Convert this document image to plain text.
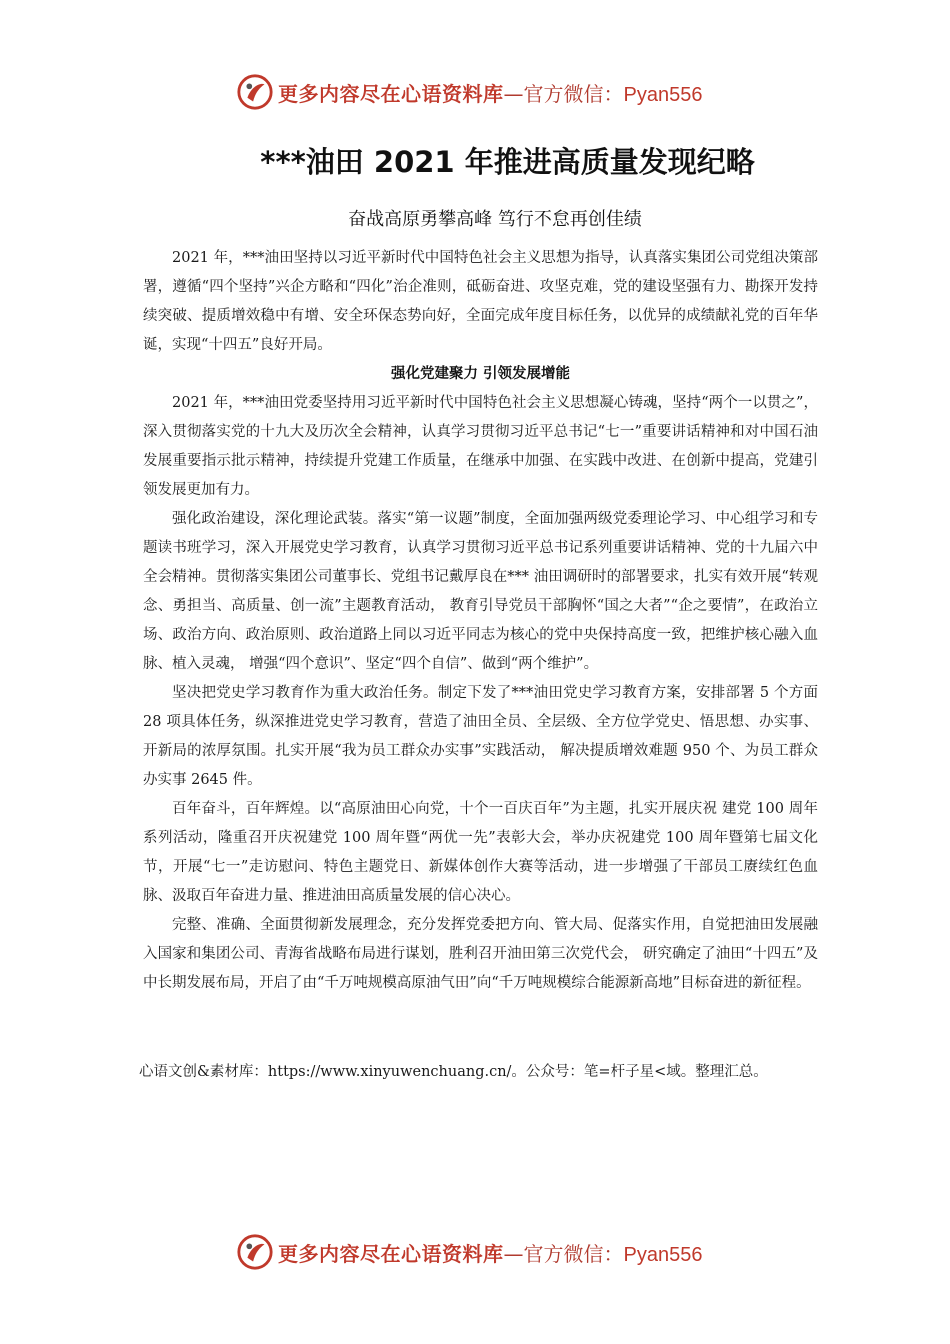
更多内容尽在心语资料库 —官方微信：Pyan556
***油田 2021 年推进高质量发现纪略
奋战高原勇攀高峰 笃行不怠再创佳绩

2021 年，***油田坚持以习近平新时代中国特色社会主义思想为指导，认真落实集团公司党组决策部署，遵循“四个坚持”兴企方略和“四化”治企准则，砥砺奋进、攻坚克难，党的建设坚强有力、勘探开发持续突破、提质增效稳中有增、安全环保态势向好，全面完成年度目标任务，以优异的成绩献礼党的百年华诞，实现“十四五”良好开局。

强化党建聚力 引领发展增能

2021 年，***油田党委坚持用习近平新时代中国特色社会主义思想凝心铸魂，坚持“两个一以贯之”，深入贯彻落实党的十九大及历次全会精神，认真学习贯彻习近平总书记“七一”重要讲话精神和对中国石油发展重要指示批示精神，持续提升党建工作质量，在继承中加强、在实践中改进、在创新中提高，党建引领发展更加有力。

强化政治建设，深化理论武装。落实“第一议题”制度，全面加强两级党委理论学习、中心组学习和专题读书班学习，深入开展党史学习教育，认真学习贯彻习近平总书记系列重要讲话精神、党的十九届六中全会精神。贯彻落实集团公司董事长、党组书记戴厚良在*** 油田调研时的部署要求，扎实有效开展“转观念、勇担当、高质量、创一流”主题教育活动， 教育引导党员干部胸怀“国之大者”“企之要情”，在政治立场、政治方向、政治原则、政治道路上同以习近平同志为核心的党中央保持高度一致，把维护核心融入血脉、植入灵魂， 增强“四个意识”、坚定“四个自信”、做到“两个维护”。

坚决把党史学习教育作为重大政治任务。制定下发了***油田党史学习教育方案，安排部署 5 个方面 28 项具体任务，纵深推进党史学习教育，营造了油田全员、全层级、全方位学党史、悟思想、办实事、开新局的浓厚氛围。扎实开展“我为员工群众办实事”实践活动， 解决提质增效难题 950 个、为员工群众办实事 2645 件。

百年奋斗，百年辉煌。以“高原油田心向党，十个一百庆百年”为主题，扎实开展庆祝 建党 100 周年系列活动，隆重召开庆祝建党 100 周年暨“两优一先”表彰大会，举办庆祝建党 100 周年暨第七届文化节，开展“七一”走访慰问、特色主题党日、新媒体创作大赛等活动，进一步增强了干部员工赓续红色血脉、汲取百年奋进力量、推进油田高质量发展的信心决心。

完整、准确、全面贯彻新发展理念，充分发挥党委把方向、管大局、促落实作用，自觉把油田发展融入国家和集团公司、青海省战略布局进行谋划，胜利召开油田第三次党代会， 研究确定了油田“十四五”及中长期发展布局，开启了由“千万吨规模高原油气田”向“千万吨规模综合能源新高地”目标奋进的新征程。

心语文创&素材库：https://www.xinyuwenchuang.cn/。公众号：笔=杆子星<域。整理汇总。
更多内容尽在心语资料库 —官方微信：Pyan556
